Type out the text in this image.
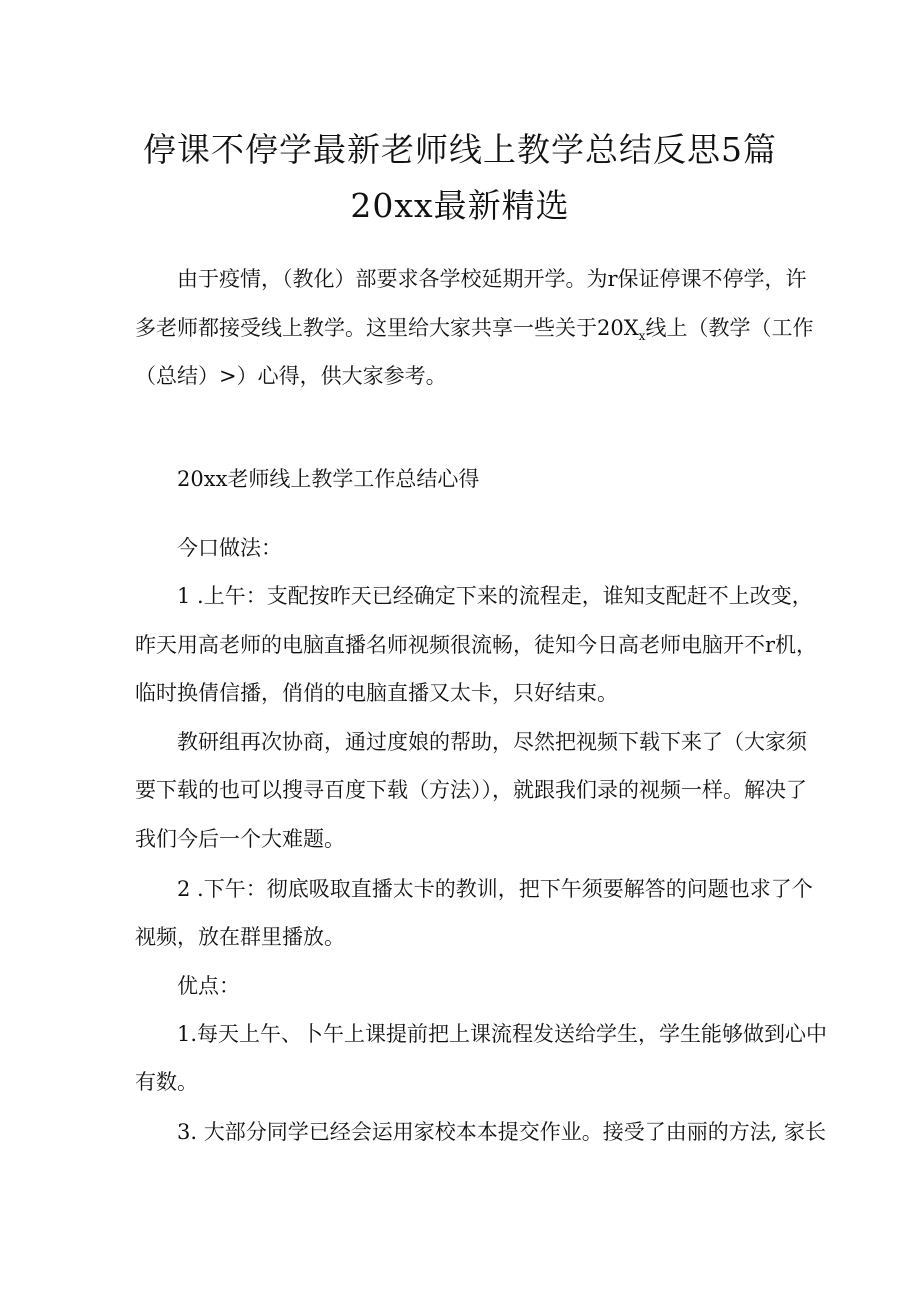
停课不停学最新老师线上教学总结反思5篇
20xx最新精选
由于疫情，（教化）部要求各学校延期开学。为r保证停课不停学，许
多老师都接受线上教学。这里给大家共享一些关于$20X_x$线上（教学（工作
（总结）>）心得，供大家参考。
20xx老师线上教学工作总结心得
今口做法：
1 .上午：支配按昨天已经确定下来的流程走，谁知支配赶不上改变，
昨天用高老师的电脑直播名师视频很流畅，徒知今日高老师电脑开不r机，
临时换倩信播，俏俏的电脑直播又太卡，只好结束。
教研组再次协商，通过度娘的帮助，尽然把视频下载下来了（大家须
要下载的也可以搜寻百度下载（方法）），就跟我们录的视频一样。解决了
我们今后一个大难题。
2 .下午：彻底吸取直播太卡的教训，把下午须要解答的问题也求了个
视频，放在群里播放。
优点：
1.每天上午、卜午上课提前把上课流程发送给学生，学生能够做到心中
有数。
3. 大部分同学已经会运用家校本本提交作业。接受了由丽的方法, 家长
